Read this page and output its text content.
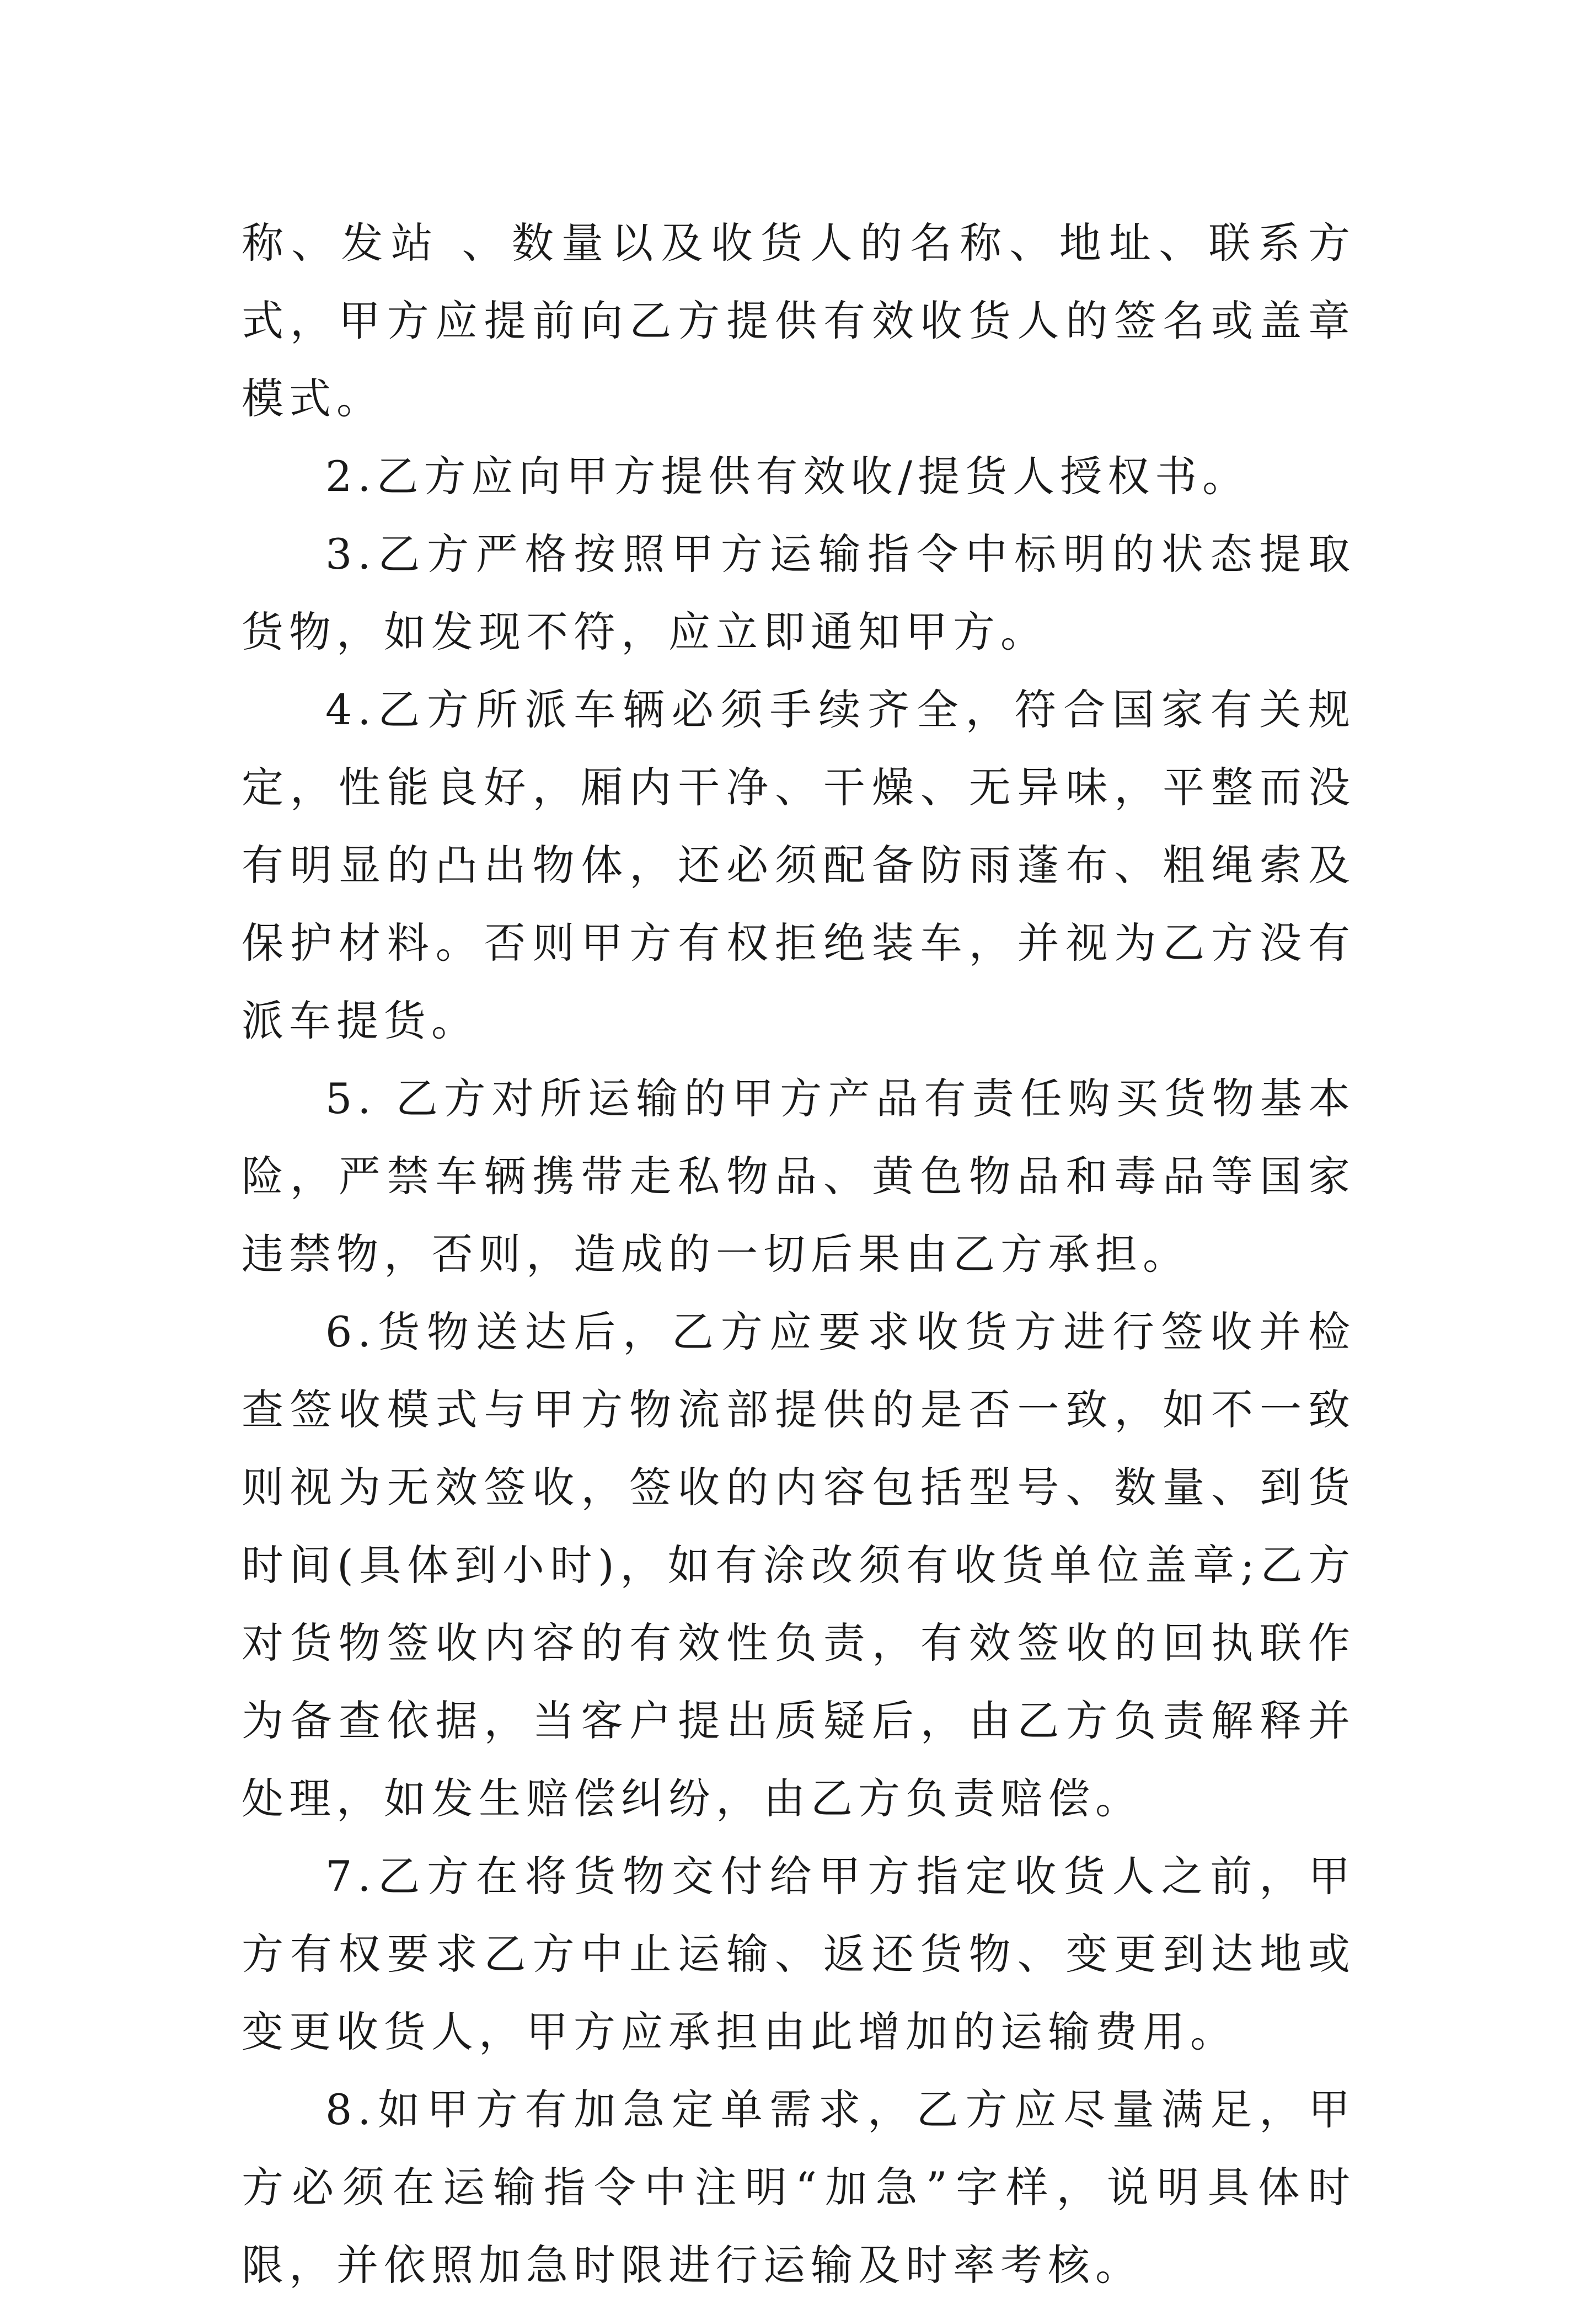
称、发站 、数量以及收货人的名称、地址、联系方式，甲方应提前向乙方提供有效收货人的签名或盖章模式。

2.乙方应向甲方提供有效收/提货人授权书。

3.乙方严格按照甲方运输指令中标明的状态提取货物，如发现不符，应立即通知甲方。

4.乙方所派车辆必须手续齐全，符合国家有关规定，性能良好，厢内干净、干燥、无异味，平整而没有明显的凸出物体，还必须配备防雨蓬布、粗绳索及保护材料。否则甲方有权拒绝装车，并视为乙方没有派车提货。

5. 乙方对所运输的甲方产品有责任购买货物基本险，严禁车辆携带走私物品、黄色物品和毒品等国家违禁物，否则，造成的一切后果由乙方承担。

6.货物送达后，乙方应要求收货方进行签收并检查签收模式与甲方物流部提供的是否一致，如不一致则视为无效签收，签收的内容包括型号、数量、到货时间(具体到小时)，如有涂改须有收货单位盖章;乙方对货物签收内容的有效性负责，有效签收的回执联作为备查依据，当客户提出质疑后，由乙方负责解释并处理，如发生赔偿纠纷，由乙方负责赔偿。

7.乙方在将货物交付给甲方指定收货人之前，甲方有权要求乙方中止运输、返还货物、变更到达地或变更收货人，甲方应承担由此增加的运输费用。

8.如甲方有加急定单需求，乙方应尽量满足，甲方必须在运输指令中注明“加急”字样，说明具体时限，并依照加急时限进行运输及时率考核。
